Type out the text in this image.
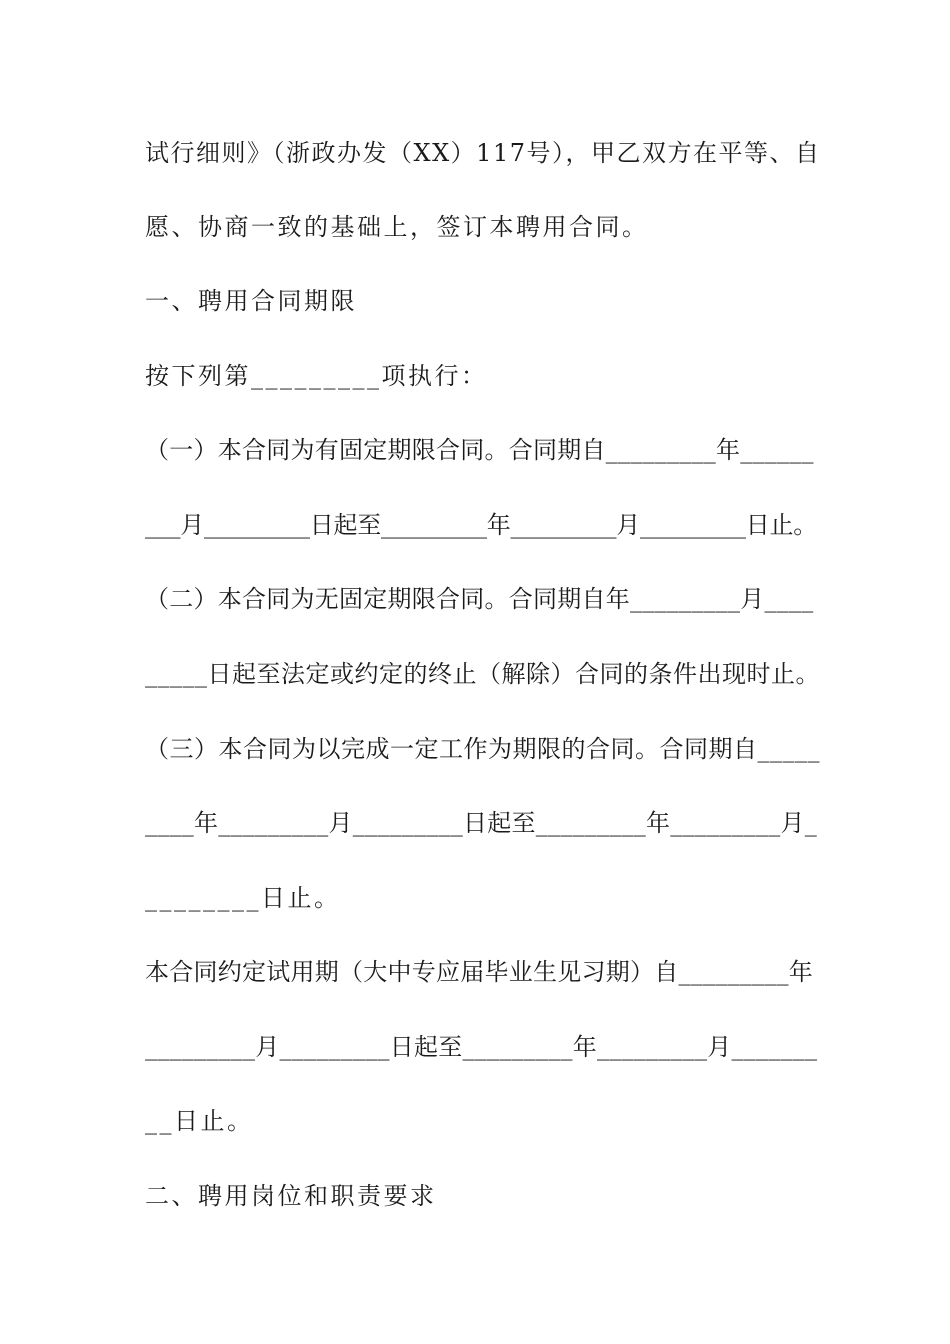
试行细则》（浙政办发（XX）117号），甲乙双方在平等、自
愿、协商一致的基础上，签订本聘用合同。
一、聘用合同期限
按下列第_________项执行：
（一）本合同为有固定期限合同。合同期自_________年______
___月_________日起至_________年_________月_________日止。
（二）本合同为无固定期限合同。合同期自年_________月____
_____日起至法定或约定的终止（解除）合同的条件出现时止。
（三）本合同为以完成一定工作为期限的合同。合同期自_____
____年_________月_________日起至_________年_________月_
________日止。
本合同约定试用期（大中专应届毕业生见习期）自_________年
_________月_________日起至_________年_________月_______
__日止。
二、聘用岗位和职责要求
